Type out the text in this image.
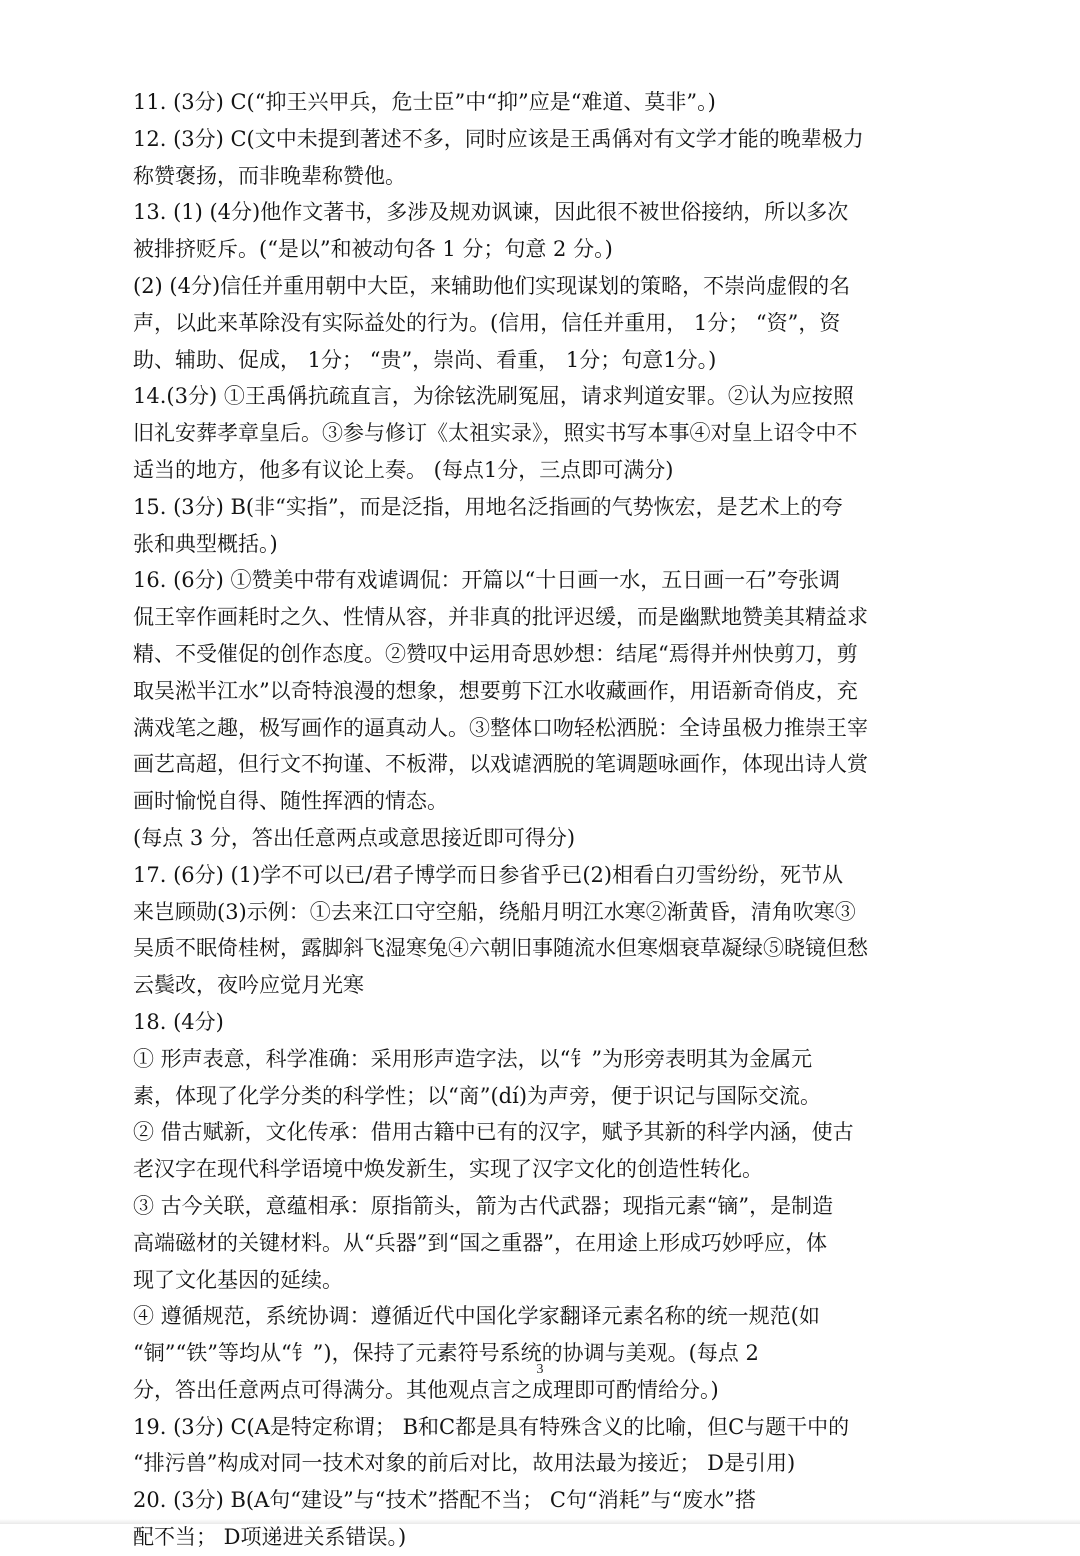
11. (3分) C(“抑王兴甲兵，危士臣”中“抑”应是“难道、莫非”。)
12. (3分) C(文中未提到著述不多，同时应该是王禹偁对有文学才能的晚辈极力
称赞褒扬，而非晚辈称赞他。
13. (1) (4分)他作文著书，多涉及规劝讽谏，因此很不被世俗接纳，所以多次
被排挤贬斥。(“是以”和被动句各 1 分；句意 2 分。)
(2) (4分)信任并重用朝中大臣，来辅助他们实现谋划的策略，不崇尚虚假的名
声，以此来革除没有实际益处的行为。(信用，信任并重用， 1分； “资”，资
助、辅助、促成， 1分； “贵”，崇尚、看重， 1分；句意1分。)
14.(3分) ①王禹偁抗疏直言，为徐铉洗刷冤屈，请求判道安罪。②认为应按照
旧礼安葬孝章皇后。③参与修订《太祖实录》，照实书写本事④对皇上诏令中不
适当的地方，他多有议论上奏。 (每点1分，三点即可满分)
15. (3分) B(非“实指”，而是泛指，用地名泛指画的气势恢宏，是艺术上的夸
张和典型概括。)
16. (6分) ①赞美中带有戏谑调侃：开篇以“十日画一水，五日画一石”夸张调
侃王宰作画耗时之久、性情从容，并非真的批评迟缓，而是幽默地赞美其精益求
精、不受催促的创作态度。②赞叹中运用奇思妙想：结尾“焉得并州快剪刀，剪
取吴淞半江水”以奇特浪漫的想象，想要剪下江水收藏画作，用语新奇俏皮，充
满戏笔之趣，极写画作的逼真动人。③整体口吻轻松洒脱：全诗虽极力推崇王宰
画艺高超，但行文不拘谨、不板滞，以戏谑洒脱的笔调题咏画作，体现出诗人赏
画时愉悦自得、随性挥洒的情态。
(每点 3 分，答出任意两点或意思接近即可得分)
17. (6分) (1)学不可以已/君子博学而日参省乎已(2)相看白刃雪纷纷，死节从
来岂顾勋(3)示例：①去来江口守空船，绕船月明江水寒②渐黄昏，清角吹寒③
吴质不眠倚桂树，露脚斜飞湿寒兔④六朝旧事随流水但寒烟衰草凝绿⑤晓镜但愁
云鬓改，夜吟应觉月光寒
18. (4分)
① 形声表意，科学准确：采用形声造字法，以“钅”为形旁表明其为金属元
素，体现了化学分类的科学性；以“啇”(dí)为声旁，便于识记与国际交流。
② 借古赋新，文化传承：借用古籍中已有的汉字，赋予其新的科学内涵，使古
老汉字在现代科学语境中焕发新生，实现了汉字文化的创造性转化。
③ 古今关联，意蕴相承：原指箭头，箭为古代武器；现指元素“镝”，是制造
高端磁材的关键材料。从“兵器”到“国之重器”，在用途上形成巧妙呼应，体
现了文化基因的延续。
④ 遵循规范，系统协调：遵循近代中国化学家翻译元素名称的统一规范(如
“铜”“铁”等均从“钅”)，保持了元素符号系统的协调与美观。(每点 2
分，答出任意两点可得满分。其他观点言之成理即可酌情给分。)
19. (3分) C(A是特定称谓； B和C都是具有特殊含义的比喻，但C与题干中的
“排污兽”构成对同一技术对象的前后对比，故用法最为接近； D是引用)
20. (3分) B(A句“建设”与“技术”搭配不当； C句“消耗”与“废水”搭
配不当； D项递进关系错误。)
3
